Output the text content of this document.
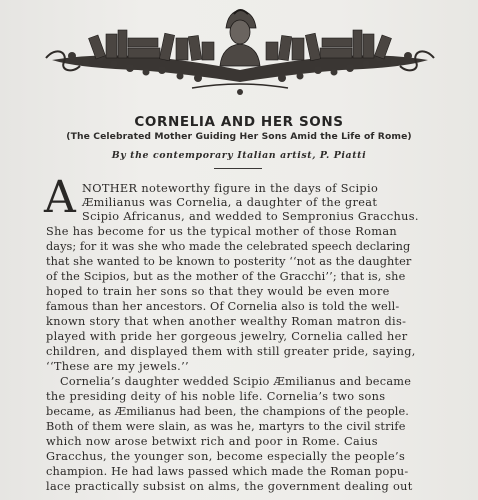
CORNELIA AND HER SONS
(The Celebrated Mother Guiding Her Sons Amid the Life of Rome)
By the contemporary Italian artist, P. Piatti
A NOTHER noteworthy figure in the days of Scipio
Æmilianus was Cornelia, a daughter of the great
Scipio Africanus, and wedded to Sempronius Gracchus.
She has become for us the typical mother of those Roman
days; for it was she who made the celebrated speech declaring
that she wanted to be known to posterity ‘‘not as the daughter
of the Scipios, but as the mother of the Gracchi’’; that is, she
hoped to train her sons so that they would be even more
famous than her ancestors. Of Cornelia also is told the well-
known story that when another wealthy Roman matron dis-
played with pride her gorgeous jewelry, Cornelia called her
children, and displayed them with still greater pride, saying,
‘‘These are my jewels.’’
Cornelia’s daughter wedded Scipio Æmilianus and became
the presiding deity of his noble life. Cornelia’s two sons
became, as Æmilianus had been, the champions of the people.
Both of them were slain, as was he, martyrs to the civil strife
which now arose betwixt rich and poor in Rome. Caius
Gracchus, the younger son, become especially the people’s
champion. He had laws passed which made the Roman popu-
lace practically subsist on alms, the government dealing out
